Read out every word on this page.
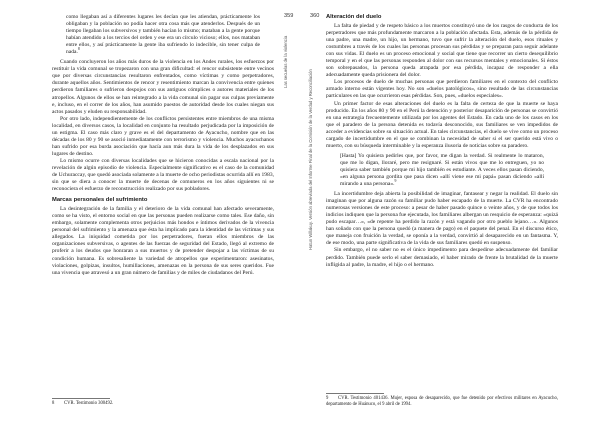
359
Las secuelas de la violencia

como llegaban así a diferentes lugares les decían que les atiendan, prácticamente los obligaban y la población no podía hacer otra cosa más que atenderlos. Después de un tiempo llegaban los subversivos y también hacían lo mismo; mataban a la gente porque habían atendido a los tercios del orden y ese era un círculo vicioso; ellos, nos mataban entre ellos, y así prácticamente la gente iba sufriendo lo indecible, sin tener culpa de nada.$^8$

Cuando concluyeron los años más duros de la violencia en los Andes rurales, los esfuerzos por restituir la vida comunal se tropezaron con una gran dificultad: el rencor subsistente entre vecinos que por diversas circunstancias resultaron enfrentados, como víctimas y como perpetradores, durante aquellos años. Sentimientos de rencor y resentimiento marcan la convivencia entre quienes perdieron familiares o sufrieron despojos con sus antiguos cómplices o autores materiales de los atropellos. Algunos de ellos se han reintegrado a la vida comunal sin pagar sus culpas previamente e, incluso, en el correr de los años, han asumido puestos de autoridad desde los cuales niegan sus actos pasados y eluden su responsabilidad.

Por otro lado, independientemente de los conflictos persistentes entre miembros de una misma localidad, en diversos casos, la localidad en conjunto ha resultado perjudicada por la imposición de un estigma. El caso más claro y grave es el del departamento de Ayacucho, nombre que en las décadas de los 80 y 90 se asoció inmediatamente con terrorismo y violencia. Muchos ayacuchanos han sufrido por esa burda asociación que hacía aun más dura la vida de los desplazados en sus lugares de destino.

Lo mismo ocurre con diversas localidades que se hicieron conocidas a escala nacional por la revelación de algún episodio de violencia. Especialmente significativo es el caso de la comunidad de Uchuraccay, que quedó asociada solamente a la muerte de ocho periodistas ocurrida allí en 1983, sin que se diera a conocer la muerte de decenas de comuneros en los años siguientes ni se reconociera el esfuerzo de reconstrucción realizado por sus pobladores.

Marcas personales del sufrimiento

La desintegración de la familia y el deterioro de la vida comunal han afectado severamente, como se ha visto, el entorno social en que las personas pueden realizarse como tales. Ese daño, sin embargo, solamente complementa otros perjuicios más hondos e íntimos derivados de la vivencia personal del sufrimiento y la amenaza que ésta ha implicado para la identidad de las víctimas y sus allegados. La iniquidad cometida por los perpetradores, fueran ellos miembros de las organizaciones subversivas, o agentes de las fuerzas de seguridad del Estado, llegó al extremo de proferir a los deudos que honraran a sus muertos y de pretender despojar a las víctimas de su condición humana. Es sobresaliente la variedad de atropellos que experimentaron: asesinatos, violaciones, golpizas, insultos, humillaciones, amenazas en la persona de sus seres queridos. Fue una vivencia que atravesó a un gran número de familias y de miles de ciudadanos del Perú.

8 CVR. Testimonio 300492.
360
Hatun Willakuy. Versión abreviada del Informe Final de la Comisión de la Verdad y Reconciliación
Alteración del duelo

La falta de piedad y de respeto básico a los muertos constituyó uno de los rasgos de conducta de los perpetradores que más profundamente marcaron a la población afectada. Esta, además de la pérdida de una padre, una madre, un hijo, un hermano, tuvo que sufrir la alteración del duelo, esos rituales y costumbres a través de los cuales las personas procesan sus pérdidas y se preparan para seguir adelante con sus vidas. El duelo es un proceso emocional y social que tiene que recorrer un cierto desequilibrio temporal y en el que las personas responden al dolor con sus recursos mentales y emocionales. Si éstos son sobrepasados, la persona queda atrapada por esa pérdida, incapaz de responder a ella adecuadamente queda prisionera del dolor.

Los procesos de duelo de muchas personas que perdieron familiares en el contexto del conflicto armado interno están vigentes hoy. No son «duelos patológicos», sino resultado de las circunstancias particulares en las que ocurrieron esas pérdidas. Son, pues, «duelos especiales».

Un primer factor de esas alteraciones del duelo es la falta de certeza de que la muerte se haya producido. En los años 80 y 90 en el Perú la detención y posterior desaparición de personas se convirtió en una estrategia frecuentemente utilizada por los agentes del Estado. En cada uno de los casos en los que el paradero de la persona detenida es todavía desconocido, sus familiares se ven impedidos de acceder a evidencias sobre su situación actual. En tales circunstancias, el duelo se vive como un proceso cargado de incertidumbre en el que se combinan la necesidad de saber si el ser querido está vivo o muerto, con su búsqueda interminable y la esperanza ilusoria de noticias sobre su paradero.

[Hasta] Yo quisiera pedirles que, por favor, me digan la verdad. Si realmente lo mataron, que me lo digan, lloraré, pero me resignaré. Si están vivos que me lo entreguen, yo no quisiera saber también porque mi hijo también es estudiante. A veces ellos pasan diciendo, «en alguna persona gordita que pasa dicen «allí viene ese mi papá» pasan diciendo «allí mirando a una persona».$^9$

La incertidumbre deja abierta la posibilidad de imaginar, fantasear y negar la realidad. El duelo sin imaginan que por alguna razón su familiar pudo haber escapado de la muerte. La CVR ha encontrado numerosas versiones de este proceso: a pesar de haber pasado quince o veinte años, y de que todos los indicios indiquen que la persona fue ejecutada, los familiares albergan un resquicio de esperanza: «quizá pudo escapar…», «de repente ha perdido la razón y está vagando por otro pueblo lejano…». Algunos han soñado con que la persona quedó (a manera de pago) en el paquete del penal. En el discurso ético, que maneja con fruición la verdad, se oponía a la verdad, convirtió al desaparecido en un fantasma. Y, de ese modo, una parte significativa de la vida de sus familiares quedó en suspenso.

Sin embargo, el no saber no es el único impedimento para despedirse adecuadamente del familiar perdido. También puede serlo el saber demasiado, el haber mirado de frente la brutalidad de la muerte infligida al padre, la madre, el hijo o el hermano.

9 CVR. Testimonio 401436. Mujer, esposa de desaparecido, que fue detenido por efectivos militares en Ayacucho, departamento de Huánuco, el 9 abril de 1994.
